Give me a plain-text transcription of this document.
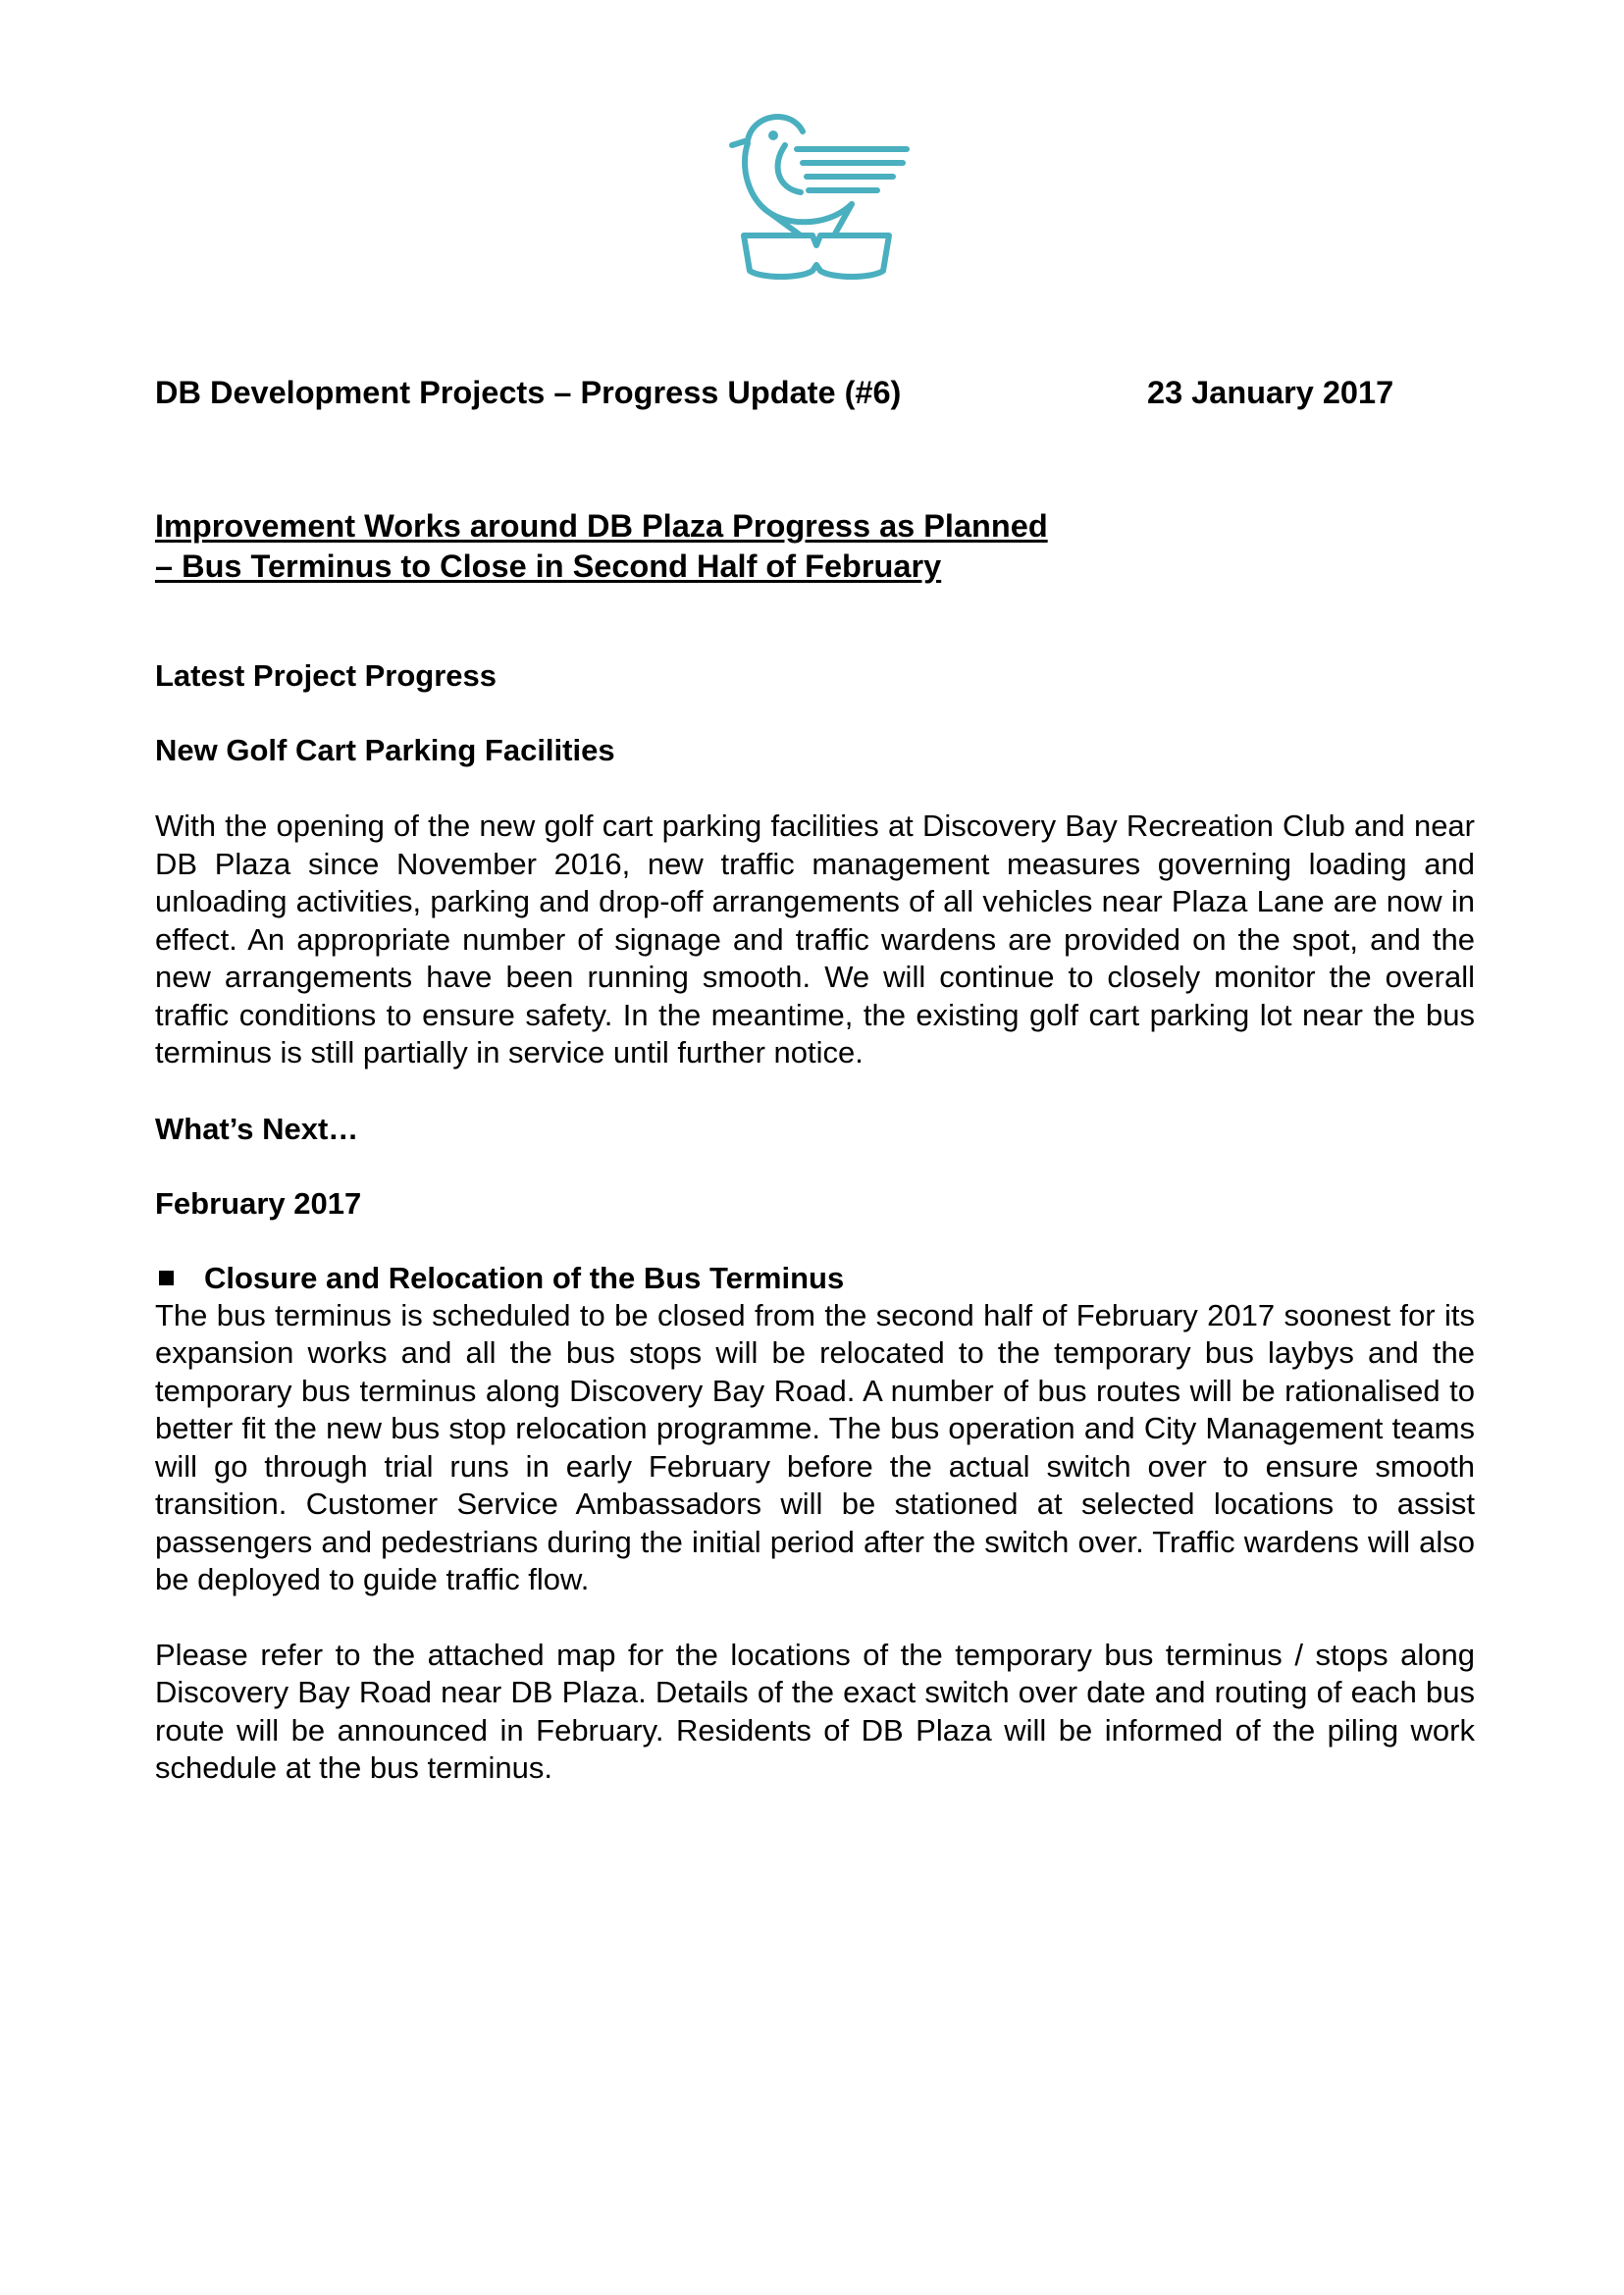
DB Development Projects – Progress Update (#6)	23 January 2017
Improvement Works around DB Plaza Progress as Planned
– Bus Terminus to Close in Second Half of February
Latest Project Progress
New Golf Cart Parking Facilities
With the opening of the new golf cart parking facilities at Discovery Bay Recreation Club and near DB Plaza since November 2016, new traffic management measures governing loading and unloading activities, parking and drop-off arrangements of all vehicles near Plaza Lane are now in effect. An appropriate number of signage and traffic wardens are provided on the spot, and the new arrangements have been running smooth. We will continue to closely monitor the overall traffic conditions to ensure safety. In the meantime, the existing golf cart parking lot near the bus terminus is still partially in service until further notice.
What’s Next…
February 2017
Closure and Relocation of the Bus Terminus
The bus terminus is scheduled to be closed from the second half of February 2017 soonest for its expansion works and all the bus stops will be relocated to the temporary bus laybys and the temporary bus terminus along Discovery Bay Road. A number of bus routes will be rationalised to better fit the new bus stop relocation programme. The bus operation and City Management teams will go through trial runs in early February before the actual switch over to ensure smooth transition. Customer Service Ambassadors will be stationed at selected locations to assist passengers and pedestrians during the initial period after the switch over. Traffic wardens will also be deployed to guide traffic flow.
Please refer to the attached map for the locations of the temporary bus terminus / stops along Discovery Bay Road near DB Plaza. Details of the exact switch over date and routing of each bus route will be announced in February. Residents of DB Plaza will be informed of the piling work schedule at the bus terminus.
